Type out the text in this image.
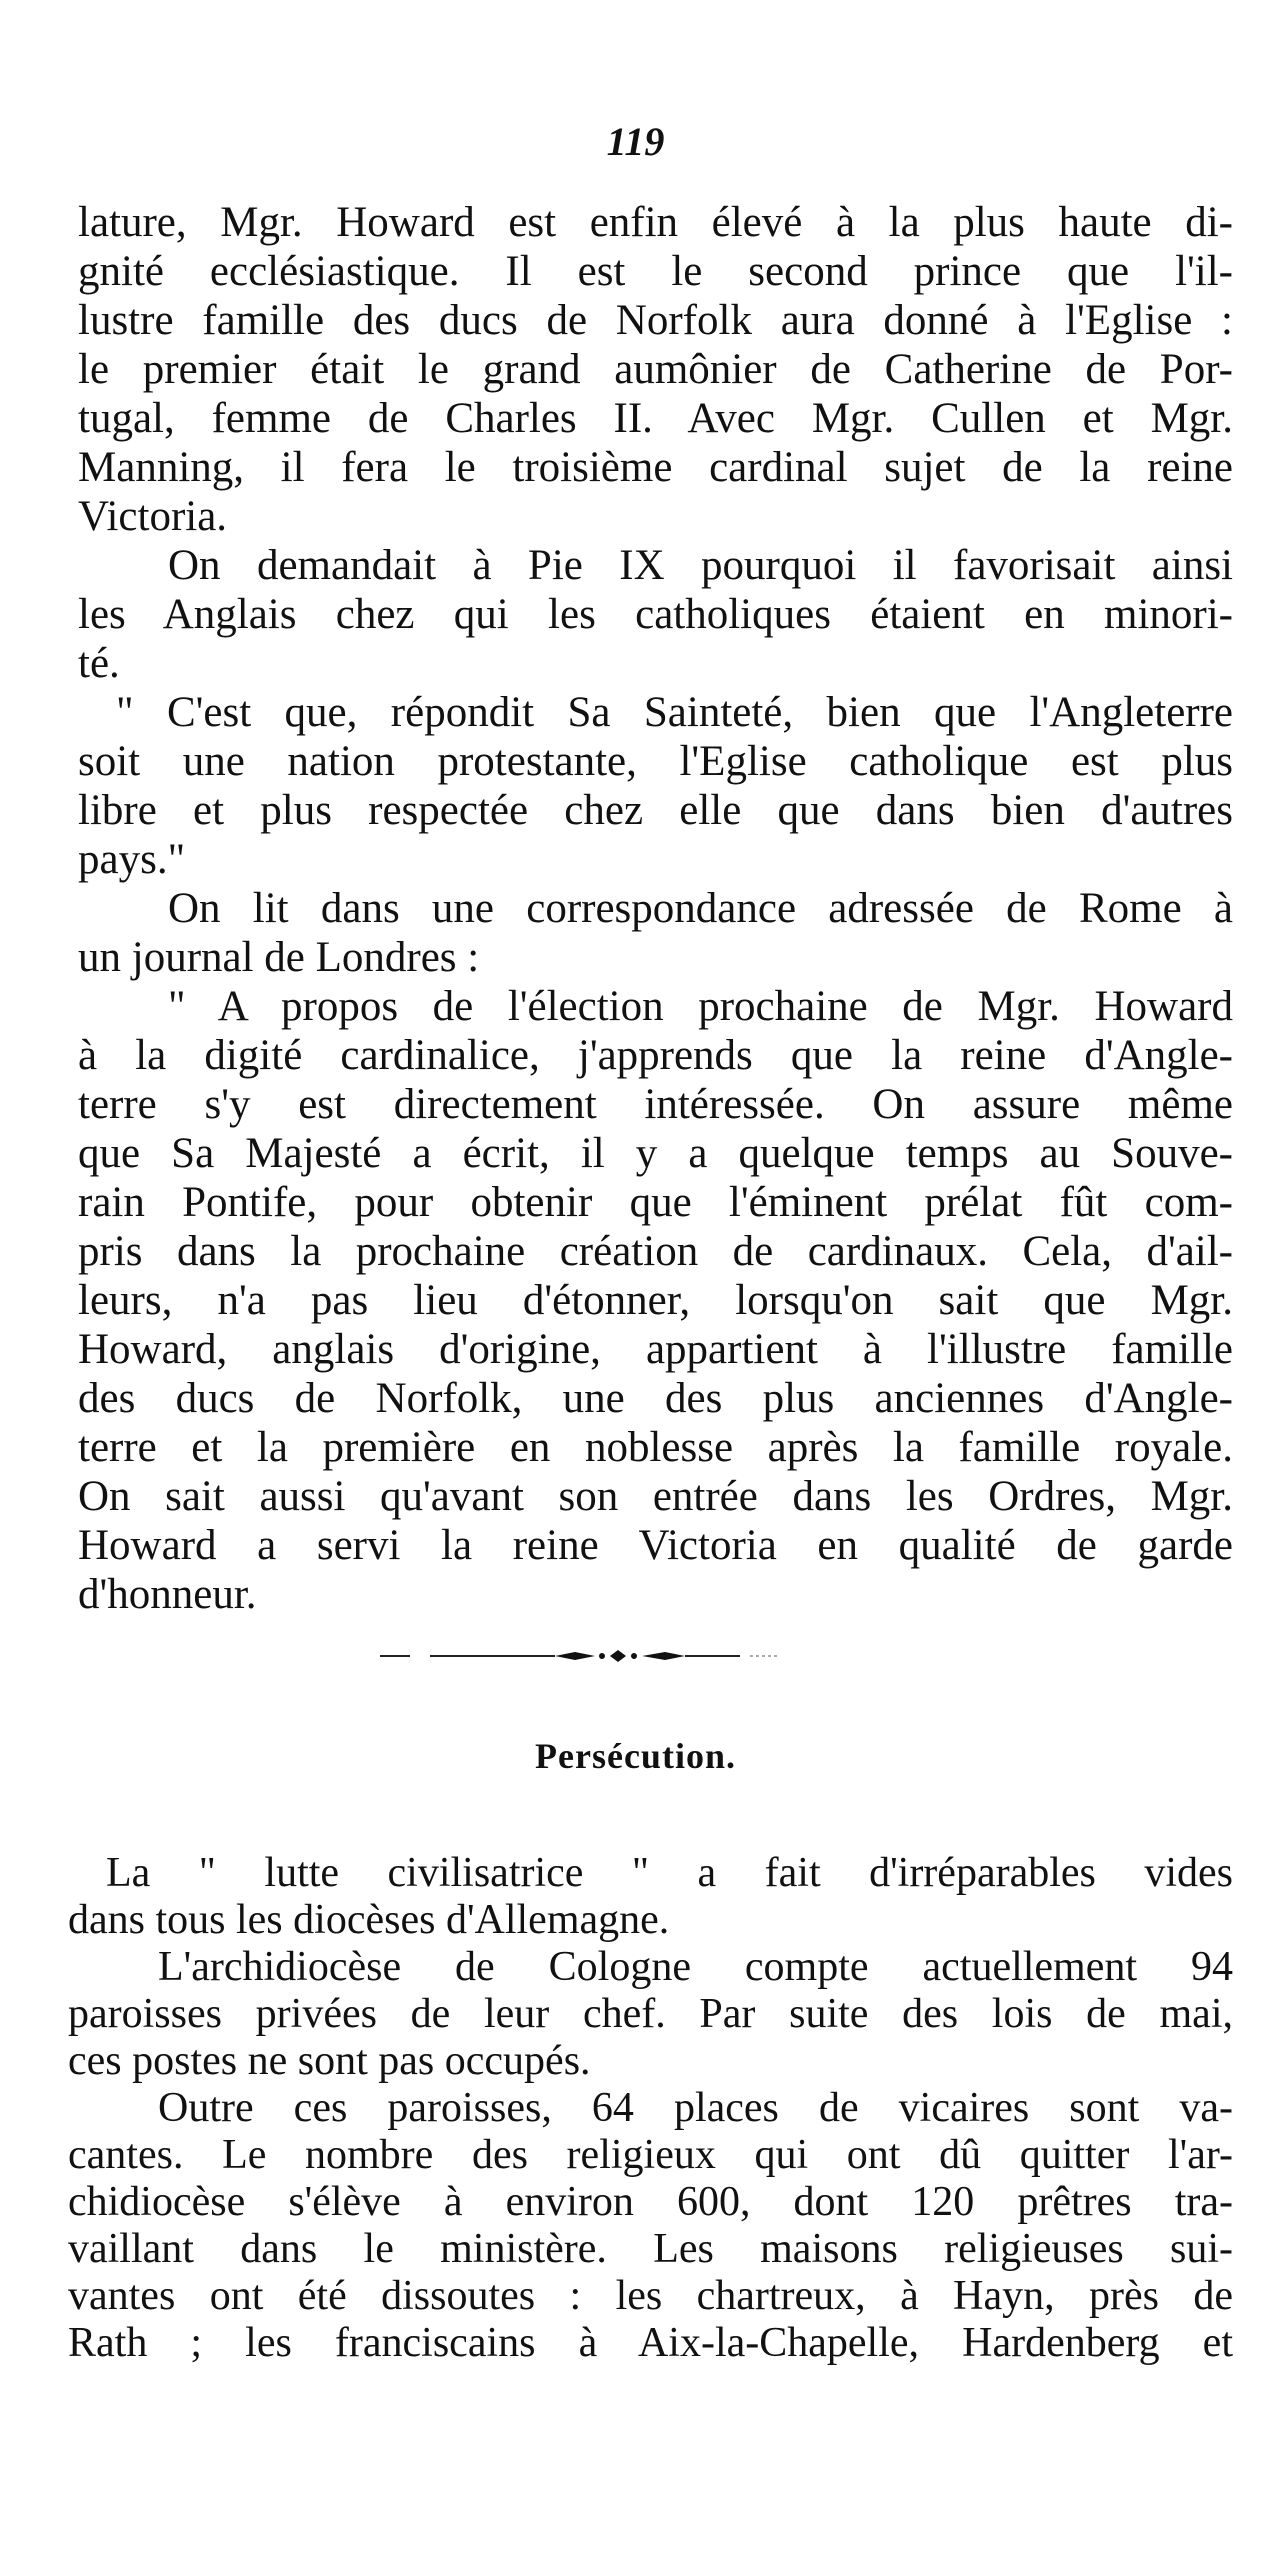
119
lature, Mgr. Howard est enfin élevé à la plus haute di-
gnité ecclésiastique. Il est le second prince que l'il-
lustre famille des ducs de Norfolk aura donné à l'Eglise :
le premier était le grand aumônier de Catherine de Por-
tugal, femme de Charles II. Avec Mgr. Cullen et Mgr.
Manning, il fera le troisième cardinal sujet de la reine
Victoria.
On demandait à Pie IX pourquoi il favorisait ainsi
les Anglais chez qui les catholiques étaient en minori-
té.
" C'est que, répondit Sa Sainteté, bien que l'Angleterre
soit une nation protestante, l'Eglise catholique est plus
libre et plus respectée chez elle que dans bien d'autres
pays."
On lit dans une correspondance adressée de Rome à
un journal de Londres :
" A propos de l'élection prochaine de Mgr. Howard
à la digité cardinalice, j'apprends que la reine d'Angle-
terre s'y est directement intéressée. On assure même
que Sa Majesté a écrit, il y a quelque temps au Souve-
rain Pontife, pour obtenir que l'éminent prélat fût com-
pris dans la prochaine création de cardinaux. Cela, d'ail-
leurs, n'a pas lieu d'étonner, lorsqu'on sait que Mgr.
Howard, anglais d'origine, appartient à l'illustre famille
des ducs de Norfolk, une des plus anciennes d'Angle-
terre et la première en noblesse après la famille royale.
On sait aussi qu'avant son entrée dans les Ordres, Mgr.
Howard a servi la reine Victoria en qualité de garde
d'honneur.
Persécution.
La " lutte civilisatrice " a fait d'irréparables vides
dans tous les diocèses d'Allemagne.
L'archidiocèse de Cologne compte actuellement 94
paroisses privées de leur chef. Par suite des lois de mai,
ces postes ne sont pas occupés.
Outre ces paroisses, 64 places de vicaires sont va-
cantes. Le nombre des religieux qui ont dû quitter l'ar-
chidiocèse s'élève à environ 600, dont 120 prêtres tra-
vaillant dans le ministère. Les maisons religieuses sui-
vantes ont été dissoutes : les chartreux, à Hayn, près de
Rath ; les franciscains à Aix-la-Chapelle, Hardenberg et
